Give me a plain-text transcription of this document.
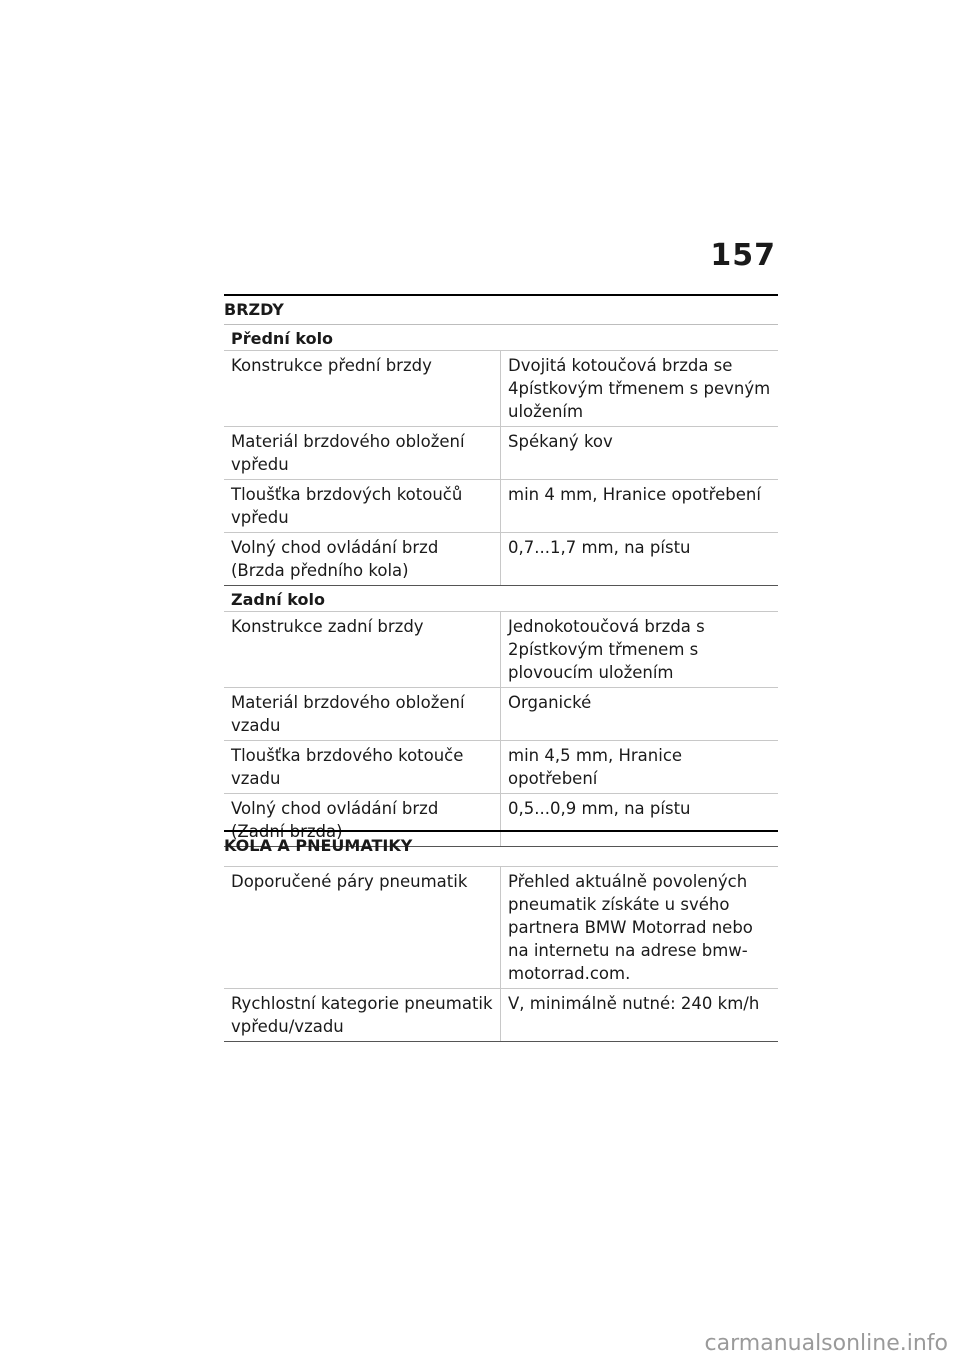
157
BRZDY
Přední kolo
Konstrukce přední brzdy	Dvojitá kotoučová brzda se 4pístkovým třmenem s pevným uložením
Materiál brzdového obložení vpředu	Spékaný kov
Tloušťka brzdových kotoučů vpředu	min 4 mm, Hranice opotřebení
Volný chod ovládání brzd (Brzda předního kola)	0,7...1,7 mm, na pístu
Zadní kolo
Konstrukce zadní brzdy	Jednokotoučová brzda s 2pístkovým třmenem s plovoucím uložením
Materiál brzdového obložení vzadu	Organické
Tloušťka brzdového kotouče vzadu	min 4,5 mm, Hranice opotřebení
Volný chod ovládání brzd (Zadní brzda)	0,5...0,9 mm, na pístu
KOLA A PNEUMATIKY
Doporučené páry pneumatik	Přehled aktuálně povolených pneumatik získáte u svého partnera BMW Motorrad nebo na internetu na adrese bmw-motorrad.com.
Rychlostní kategorie pneumatik vpředu/vzadu	V, minimálně nutné: 240 km/h
carmanualsonline.info
